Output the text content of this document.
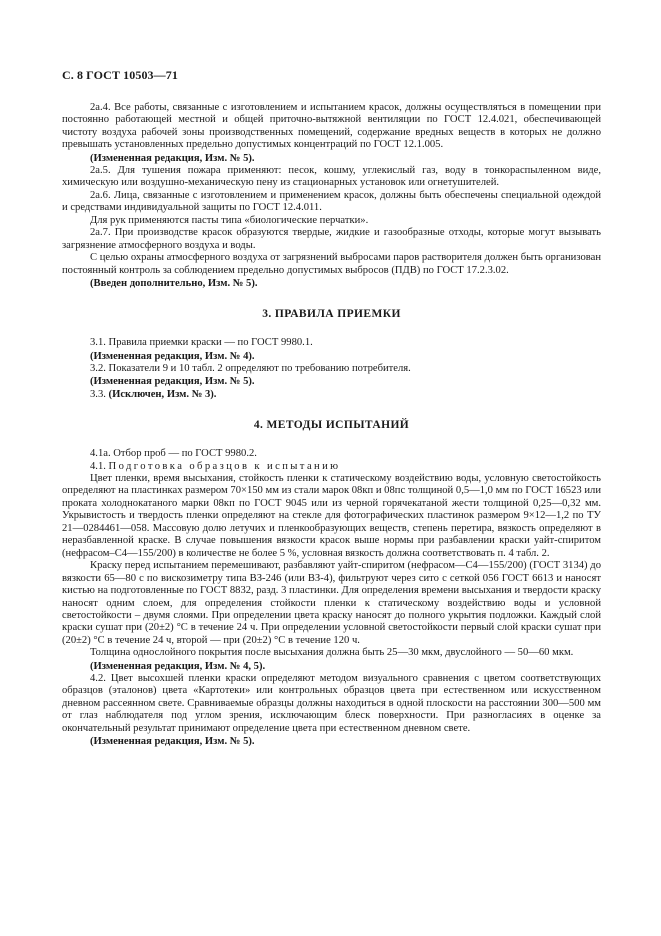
С. 8 ГОСТ 10503—71

2а.4. Все работы, связанные с изготовлением и испытанием красок, должны осуществляться в помещении при постоянно работающей местной и общей приточно-вытяжной вентиляции по ГОСТ 12.4.021, обеспечивающей чистоту воздуха рабочей зоны производственных помещений, содержание вредных веществ в которых не должно превышать установленных предельно допустимых концентраций по ГОСТ 12.1.005.

(Измененная редакция, Изм. № 5).

2а.5. Для тушения пожара применяют: песок, кошму, углекислый газ, воду в тонкораспыленном виде, химическую или воздушно-механическую пену из стационарных установок или огнетушителей.

2а.6. Лица, связанные с изготовлением и применением красок, должны быть обеспечены специальной одеждой и средствами индивидуальной защиты по ГОСТ 12.4.011.

Для рук применяются пасты типа «биологические перчатки».

2а.7. При производстве красок образуются твердые, жидкие и газообразные отходы, которые могут вызывать загрязнение атмосферного воздуха и воды.

С целью охраны атмосферного воздуха от загрязнений выбросами паров растворителя должен быть организован постоянный контроль за соблюдением предельно допустимых выбросов (ПДВ) по ГОСТ 17.2.3.02.

(Введен дополнительно, Изм. № 5).

3. ПРАВИЛА ПРИЕМКИ

3.1. Правила приемки краски — по ГОСТ 9980.1.

(Измененная редакция, Изм. № 4).

3.2. Показатели 9 и 10 табл. 2 определяют по требованию потребителя.

(Измененная редакция, Изм. № 5).

3.3. (Исключен, Изм. № 3).

4. МЕТОДЫ ИСПЫТАНИЙ

4.1а. Отбор проб — по ГОСТ 9980.2.

4.1. Подготовка образцов к испытанию

Цвет пленки, время высыхания, стойкость пленки к статическому воздействию воды, условную светостойкость определяют на пластинках размером 70×150 мм из стали марок 08кп и 08пс толщиной 0,5—1,0 мм по ГОСТ 16523 или проката холоднокатаного марки 08кп по ГОСТ 9045 или из черной горячекатаной жести толщиной 0,25—0,32 мм. Укрывистость и твердость пленки определяют на стекле для фотографических пластинок размером 9×12—1,2 по ТУ 21—0284461—058. Массовую долю летучих и пленкообразующих веществ, степень перетира, вязкость определяют в неразбавленной краске. В случае повышения вязкости красок выше нормы при разбавлении краски уайт-спиритом (нефрасом–С4—155/200) в количестве не более 5 %, условная вязкость должна соответствовать п. 4 табл. 2.

Краску перед испытанием перемешивают, разбавляют уайт-спиритом (нефрасом—С4—155/200) (ГОСТ 3134) до вязкости 65—80 с по вискозиметру типа ВЗ-246 (или ВЗ-4), фильтруют через сито с сеткой 056 ГОСТ 6613 и наносят кистью на подготовленные по ГОСТ 8832, разд. 3 пластинки. Для определения времени высыхания и твердости краску наносят одним слоем, для определения стойкости пленки к статическому воздействию воды и условной светостойкости – двумя слоями. При определении цвета краску наносят до полного укрытия подложки. Каждый слой краски сушат при (20±2) °С в течение 24 ч. При определении условной светостойкости первый слой краски сушат при (20±2) °С в течение 24 ч, второй — при (20±2) °С в течение 120 ч.

Толщина однослойного покрытия после высыхания должна быть 25—30 мкм, двуслойного — 50—60 мкм.

(Измененная редакция, Изм. № 4, 5).

4.2. Цвет высохшей пленки краски определяют методом визуального сравнения с цветом соответствующих образцов (эталонов) цвета «Картотеки» или контрольных образцов цвета при естественном или искусственном дневном рассеянном свете. Сравниваемые образцы должны находиться в одной плоскости на расстоянии 300—500 мм от глаз наблюдателя под углом зрения, исключающим блеск поверхности. При разногласиях в оценке за окончательный результат принимают определение цвета при естественном дневном свете.

(Измененная редакция, Изм. № 5).
